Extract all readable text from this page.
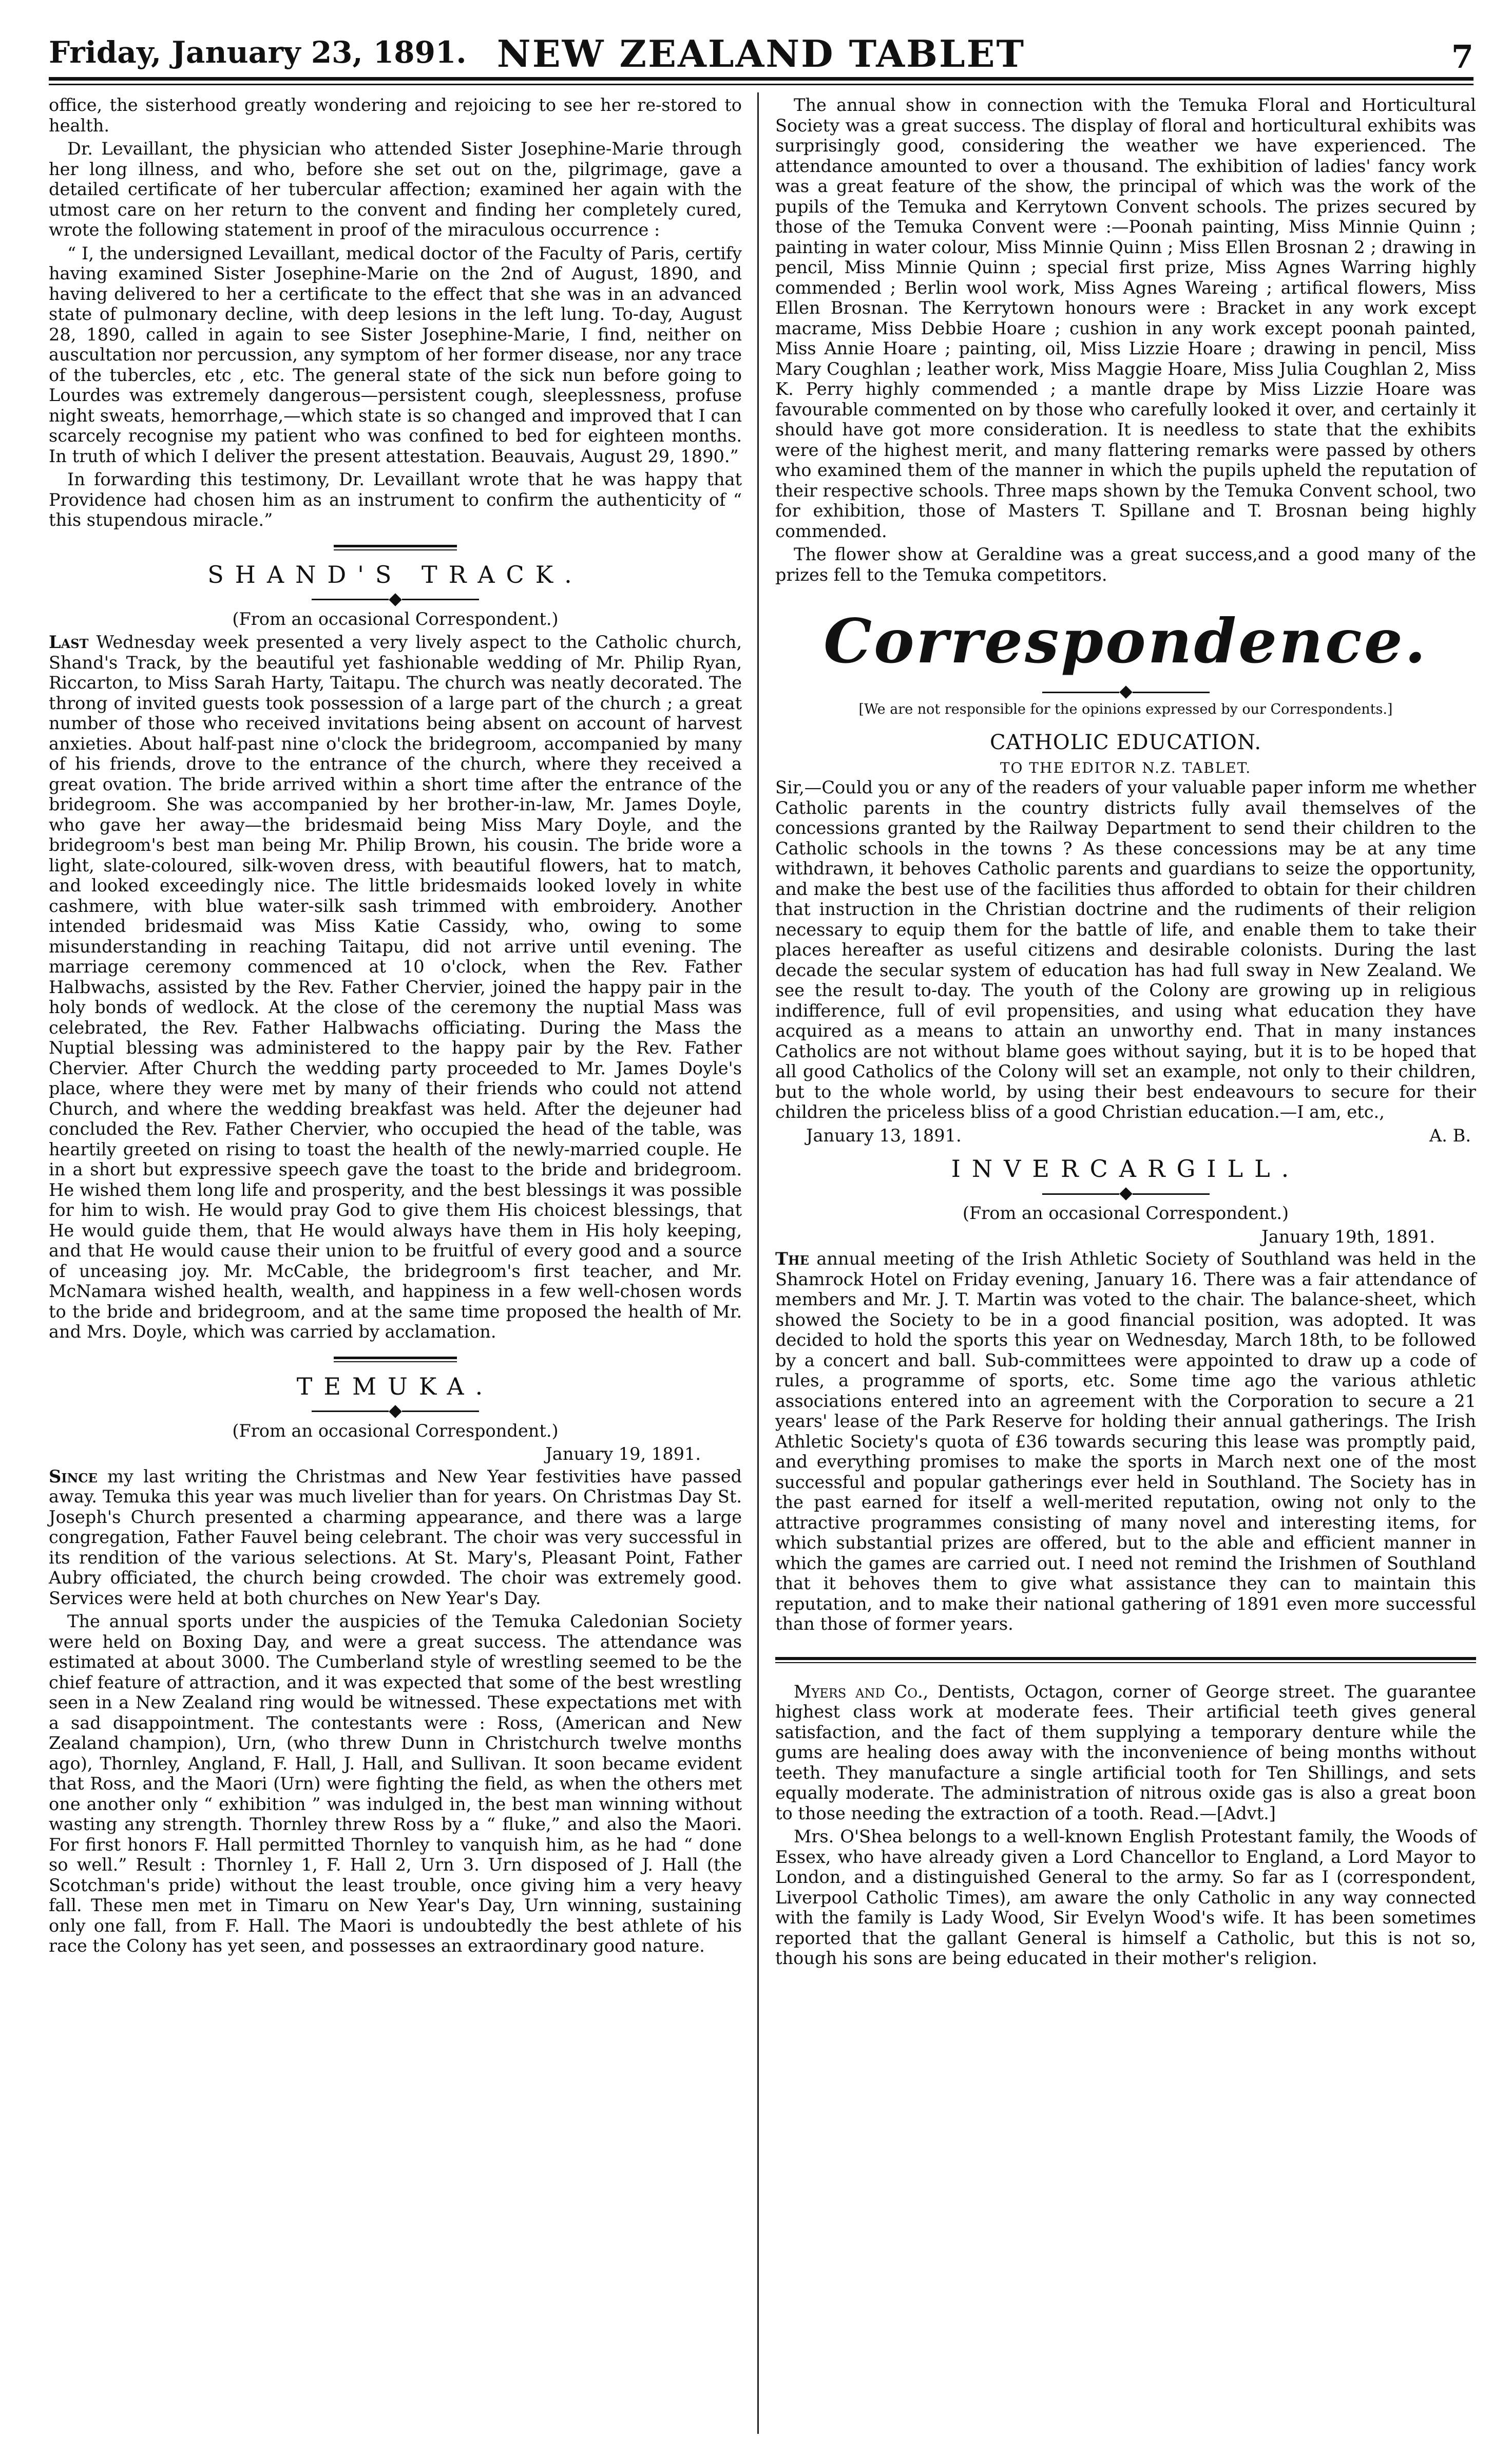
Friday, January 23, 1891. NEW ZEALAND TABLET	7

office, the sisterhood greatly wondering and rejoicing to see her re-stored to health.

Dr. Levaillant, the physician who attended Sister Josephine-Marie through her long illness, and who, before she set out on the, pilgrimage, gave a detailed certificate of her tubercular affection; examined her again with the utmost care on her return to the convent and finding her completely cured, wrote the following statement in proof of the miraculous occurrence :

“ I, the undersigned Levaillant, medical doctor of the Faculty of Paris, certify having examined Sister Josephine-Marie on the 2nd of August, 1890, and having delivered to her a certificate to the effect that she was in an advanced state of pulmonary decline, with deep lesions in the left lung. To-day, August 28, 1890, called in again to see Sister Josephine-Marie, I find, neither on auscultation nor percussion, any symptom of her former disease, nor any trace of the tubercles, etc , etc. The general state of the sick nun before going to Lourdes was extremely dangerous—persistent cough, sleeplessness, profuse night sweats, hemorrhage,—which state is so changed and improved that I can scarcely recognise my patient who was confined to bed for eighteen months. In truth of which I deliver the present attestation. Beauvais, August 29, 1890.”

In forwarding this testimony, Dr. Levaillant wrote that he was happy that Providence had chosen him as an instrument to confirm the authenticity of “ this stupendous miracle.”

SHAND'S TRACK.
(From an occasional Correspondent.)

Last Wednesday week presented a very lively aspect to the Catholic church, Shand's Track, by the beautiful yet fashionable wedding of Mr. Philip Ryan, Riccarton, to Miss Sarah Harty, Taitapu. The church was neatly decorated. The throng of invited guests took possession of a large part of the church ; a great number of those who received invitations being absent on account of harvest anxieties. About half-past nine o'clock the bridegroom, accompanied by many of his friends, drove to the entrance of the church, where they received a great ovation. The bride arrived within a short time after the entrance of the bridegroom. She was accompanied by her brother-in-law, Mr. James Doyle, who gave her away—the bridesmaid being Miss Mary Doyle, and the bridegroom's best man being Mr. Philip Brown, his cousin. The bride wore a light, slate-coloured, silk-woven dress, with beautiful flowers, hat to match, and looked exceedingly nice. The little bridesmaids looked lovely in white cashmere, with blue water-silk sash trimmed with embroidery. Another intended bridesmaid was Miss Katie Cassidy, who, owing to some misunderstanding in reaching Taitapu, did not arrive until evening. The marriage ceremony commenced at 10 o'clock, when the Rev. Father Halbwachs, assisted by the Rev. Father Chervier, joined the happy pair in the holy bonds of wedlock. At the close of the ceremony the nuptial Mass was celebrated, the Rev. Father Halbwachs officiating. During the Mass the Nuptial blessing was administered to the happy pair by the Rev. Father Chervier. After Church the wedding party proceeded to Mr. James Doyle's place, where they were met by many of their friends who could not attend Church, and where the wedding breakfast was held. After the dejeuner had concluded the Rev. Father Chervier, who occupied the head of the table, was heartily greeted on rising to toast the health of the newly-married couple. He in a short but expressive speech gave the toast to the bride and bridegroom. He wished them long life and prosperity, and the best blessings it was possible for him to wish. He would pray God to give them His choicest blessings, that He would guide them, that He would always have them in His holy keeping, and that He would cause their union to be fruitful of every good and a source of unceasing joy. Mr. McCable, the bridegroom's first teacher, and Mr. McNamara wished health, wealth, and happiness in a few well-chosen words to the bride and bridegroom, and at the same time proposed the health of Mr. and Mrs. Doyle, which was carried by acclamation.

TEMUKA.
(From an occasional Correspondent.)
January 19, 1891.

Since my last writing the Christmas and New Year festivities have passed away. Temuka this year was much livelier than for years. On Christmas Day St. Joseph's Church presented a charming appearance, and there was a large congregation, Father Fauvel being celebrant. The choir was very successful in its rendition of the various selections. At St. Mary's, Pleasant Point, Father Aubry officiated, the church being crowded. The choir was extremely good. Services were held at both churches on New Year's Day.

The annual sports under the auspicies of the Temuka Caledonian Society were held on Boxing Day, and were a great success. The attendance was estimated at about 3000. The Cumberland style of wrestling seemed to be the chief feature of attraction, and it was expected that some of the best wrestling seen in a New Zealand ring would be witnessed. These expectations met with a sad disappointment. The contestants were : Ross, (American and New Zealand champion), Urn, (who threw Dunn in Christchurch twelve months ago), Thornley, Angland, F. Hall, J. Hall, and Sullivan. It soon became evident that Ross, and the Maori (Urn) were fighting the field, as when the others met one another only “ exhibition ” was indulged in, the best man winning without wasting any strength. Thornley threw Ross by a “ fluke,” and also the Maori. For first honors F. Hall permitted Thornley to vanquish him, as he had “ done so well.” Result : Thornley 1, F. Hall 2, Urn 3. Urn disposed of J. Hall (the Scotchman's pride) without the least trouble, once giving him a very heavy fall. These men met in Timaru on New Year's Day, Urn winning, sustaining only one fall, from F. Hall. The Maori is undoubtedly the best athlete of his race the Colony has yet seen, and possesses an extraordinary good nature.

The annual show in connection with the Temuka Floral and Horticultural Society was a great success. The display of floral and horticultural exhibits was surprisingly good, considering the weather we have experienced. The attendance amounted to over a thousand. The exhibition of ladies' fancy work was a great feature of the show, the principal of which was the work of the pupils of the Temuka and Kerrytown Convent schools. The prizes secured by those of the Temuka Convent were :—Poonah painting, Miss Minnie Quinn ; painting in water colour, Miss Minnie Quinn ; Miss Ellen Brosnan 2 ; drawing in pencil, Miss Minnie Quinn ; special first prize, Miss Agnes Warring highly commended ; Berlin wool work, Miss Agnes Wareing ; artifical flowers, Miss Ellen Brosnan. The Kerrytown honours were : Bracket in any work except macrame, Miss Debbie Hoare ; cushion in any work except poonah painted, Miss Annie Hoare ; painting, oil, Miss Lizzie Hoare ; drawing in pencil, Miss Mary Coughlan ; leather work, Miss Maggie Hoare, Miss Julia Coughlan 2, Miss K. Perry highly commended ; a mantle drape by Miss Lizzie Hoare was favourable commented on by those who carefully looked it over, and certainly it should have got more consideration. It is needless to state that the exhibits were of the highest merit, and many flattering remarks were passed by others who examined them of the manner in which the pupils upheld the reputation of their respective schools. Three maps shown by the Temuka Convent school, two for exhibition, those of Masters T. Spillane and T. Brosnan being highly commended.

The flower show at Geraldine was a great success,and a good many of the prizes fell to the Temuka competitors.

Correspondence.
[We are not responsible for the opinions expressed by our Correspondents.]
CATHOLIC EDUCATION.
TO THE EDITOR N.Z. TABLET.

Sir,—Could you or any of the readers of your valuable paper inform me whether Catholic parents in the country districts fully avail themselves of the concessions granted by the Railway Department to send their children to the Catholic schools in the towns ? As these concessions may be at any time withdrawn, it behoves Catholic parents and guardians to seize the opportunity, and make the best use of the facilities thus afforded to obtain for their children that instruction in the Christian doctrine and the rudiments of their religion necessary to equip them for the battle of life, and enable them to take their places hereafter as useful citizens and desirable colonists. During the last decade the secular system of education has had full sway in New Zealand. We see the result to-day. The youth of the Colony are growing up in religious indifference, full of evil propensities, and using what education they have acquired as a means to attain an unworthy end. That in many instances Catholics are not without blame goes without saying, but it is to be hoped that all good Catholics of the Colony will set an example, not only to their children, but to the whole world, by using their best endeavours to secure for their children the priceless bliss of a good Christian education.—I am, etc.,

January 13, 1891.	A. B.
INVERCARGILL.
(From an occasional Correspondent.)
January 19th, 1891.

The annual meeting of the Irish Athletic Society of Southland was held in the Shamrock Hotel on Friday evening, January 16. There was a fair attendance of members and Mr. J. T. Martin was voted to the chair. The balance-sheet, which showed the Society to be in a good financial position, was adopted. It was decided to hold the sports this year on Wednesday, March 18th, to be followed by a concert and ball. Sub-committees were appointed to draw up a code of rules, a programme of sports, etc. Some time ago the various athletic associations entered into an agreement with the Corporation to secure a 21 years' lease of the Park Reserve for holding their annual gatherings. The Irish Athletic Society's quota of £36 towards securing this lease was promptly paid, and everything promises to make the sports in March next one of the most successful and popular gatherings ever held in Southland. The Society has in the past earned for itself a well-merited reputation, owing not only to the attractive programmes consisting of many novel and interesting items, for which substantial prizes are offered, but to the able and efficient manner in which the games are carried out. I need not remind the Irishmen of Southland that it behoves them to give what assistance they can to maintain this reputation, and to make their national gathering of 1891 even more successful than those of former years.

Myers and Co., Dentists, Octagon, corner of George street. The guarantee highest class work at moderate fees. Their artificial teeth gives general satisfaction, and the fact of them supplying a temporary denture while the gums are healing does away with the inconvenience of being months without teeth. They manufacture a single artificial tooth for Ten Shillings, and sets equally moderate. The administration of nitrous oxide gas is also a great boon to those needing the extraction of a tooth. Read.—[Advt.]

Mrs. O'Shea belongs to a well-known English Protestant family, the Woods of Essex, who have already given a Lord Chancellor to England, a Lord Mayor to London, and a distinguished General to the army. So far as I (correspondent, Liverpool Catholic Times), am aware the only Catholic in any way connected with the family is Lady Wood, Sir Evelyn Wood's wife. It has been sometimes reported that the gallant General is himself a Catholic, but this is not so, though his sons are being educated in their mother's religion.
